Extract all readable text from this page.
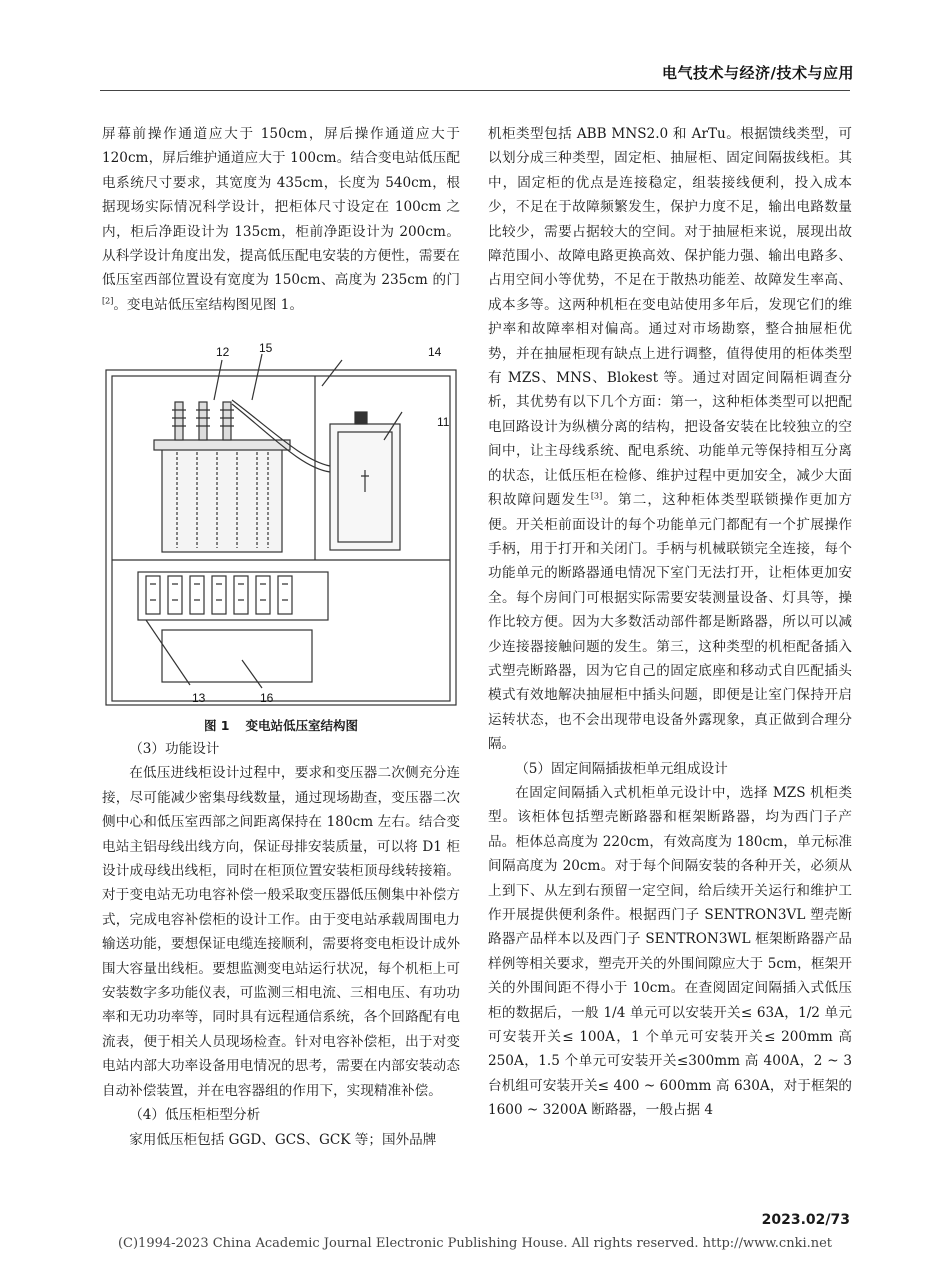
电气技术与经济/技术与应用

屏幕前操作通道应大于 150cm，屏后操作通道应大于 120cm，屏后维护通道应大于 100cm。结合变电站低压配电系统尺寸要求，其宽度为 435cm，长度为 540cm，根据现场实际情况科学设计，把柜体尺寸设定在 100cm 之内，柜后净距设计为 135cm，柜前净距设计为 200cm。从科学设计角度出发，提高低压配电安装的方便性，需要在低压室西部位置设有宽度为 150cm、高度为 235cm 的门[2]。变电站低压室结构图见图 1。

12 15	14
11
13	16
图 1 变电站低压室结构图

（3）功能设计

在低压进线柜设计过程中，要求和变压器二次侧充分连接，尽可能减少密集母线数量，通过现场勘查，变压器二次侧中心和低压室西部之间距离保持在 180cm 左右。结合变电站主铝母线出线方向，保证母排安装质量，可以将 D1 柜设计成母线出线柜，同时在柜顶位置安装柜顶母线转接箱。对于变电站无功电容补偿一般采取变压器低压侧集中补偿方式，完成电容补偿柜的设计工作。由于变电站承载周围电力输送功能，要想保证电缆连接顺利，需要将变电柜设计成外围大容量出线柜。要想监测变电站运行状况，每个机柜上可安装数字多功能仪表，可监测三相电流、三相电压、有功功率和无功功率等，同时具有远程通信系统，各个回路配有电流表，便于相关人员现场检查。针对电容补偿柜，出于对变电站内部大功率设备用电情况的思考，需要在内部安装动态自动补偿装置，并在电容器组的作用下，实现精准补偿。

（4）低压柜柜型分析

家用低压柜包括 GGD、GCS、GCK 等；国外品牌

机柜类型包括 ABB MNS2.0 和 ArTu。根据馈线类型，可以划分成三种类型，固定柜、抽屉柜、固定间隔拔线柜。其中，固定柜的优点是连接稳定，组装接线便利，投入成本少，不足在于故障频繁发生，保护力度不足，输出电路数量比较少，需要占据较大的空间。对于抽屉柜来说，展现出故障范围小、故障电路更换高效、保护能力强、输出电路多、占用空间小等优势，不足在于散热功能差、故障发生率高、成本多等。这两种机柜在变电站使用多年后，发现它们的维护率和故障率相对偏高。通过对市场勘察，整合抽屉柜优势，并在抽屉柜现有缺点上进行调整，值得使用的柜体类型有 MZS、MNS、Blokest 等。通过对固定间隔柜调查分析，其优势有以下几个方面：第一，这种柜体类型可以把配电回路设计为纵横分离的结构，把设备安装在比较独立的空间中，让主母线系统、配电系统、功能单元等保持相互分离的状态，让低压柜在检修、维护过程中更加安全，减少大面积故障问题发生[3]。第二，这种柜体类型联锁操作更加方便。开关柜前面设计的每个功能单元门都配有一个扩展操作手柄，用于打开和关闭门。手柄与机械联锁完全连接，每个功能单元的断路器通电情况下室门无法打开，让柜体更加安全。每个房间门可根据实际需要安装测量设备、灯具等，操作比较方便。因为大多数活动部件都是断路器，所以可以减少连接器接触问题的发生。第三，这种类型的机柜配备插入式塑壳断路器，因为它自己的固定底座和移动式自匹配插头模式有效地解决抽屉柜中插头问题，即便是让室门保持开启运转状态，也不会出现带电设备外露现象，真正做到合理分隔。

（5）固定间隔插拔柜单元组成设计

在固定间隔插入式机柜单元设计中，选择 MZS 机柜类型。该柜体包括塑壳断路器和框架断路器，均为西门子产品。柜体总高度为 220cm，有效高度为 180cm，单元标准间隔高度为 20cm。对于每个间隔安装的各种开关，必须从上到下、从左到右预留一定空间，给后续开关运行和维护工作开展提供便利条件。根据西门子 SENTRON3VL 塑壳断路器产品样本以及西门子 SENTRON3WL 框架断路器产品样例等相关要求，塑壳开关的外围间隙应大于 5cm，框架开关的外围间距不得小于 10cm。在查阅固定间隔插入式低压柜的数据后，一般 1/4 单元可以安装开关≤ 63A，1/2 单元可安装开关≤ 100A，1 个单元可安装开关≤ 200mm 高 250A，1.5 个单元可安装开关≤300mm 高 400A，2 ~ 3 台机组可安装开关≤ 400 ~ 600mm 高 630A，对于框架的 1600 ~ 3200A 断路器，一般占据 4

2023.02/73
(C)1994-2023 China Academic Journal Electronic Publishing House. All rights reserved. http://www.cnki.net
